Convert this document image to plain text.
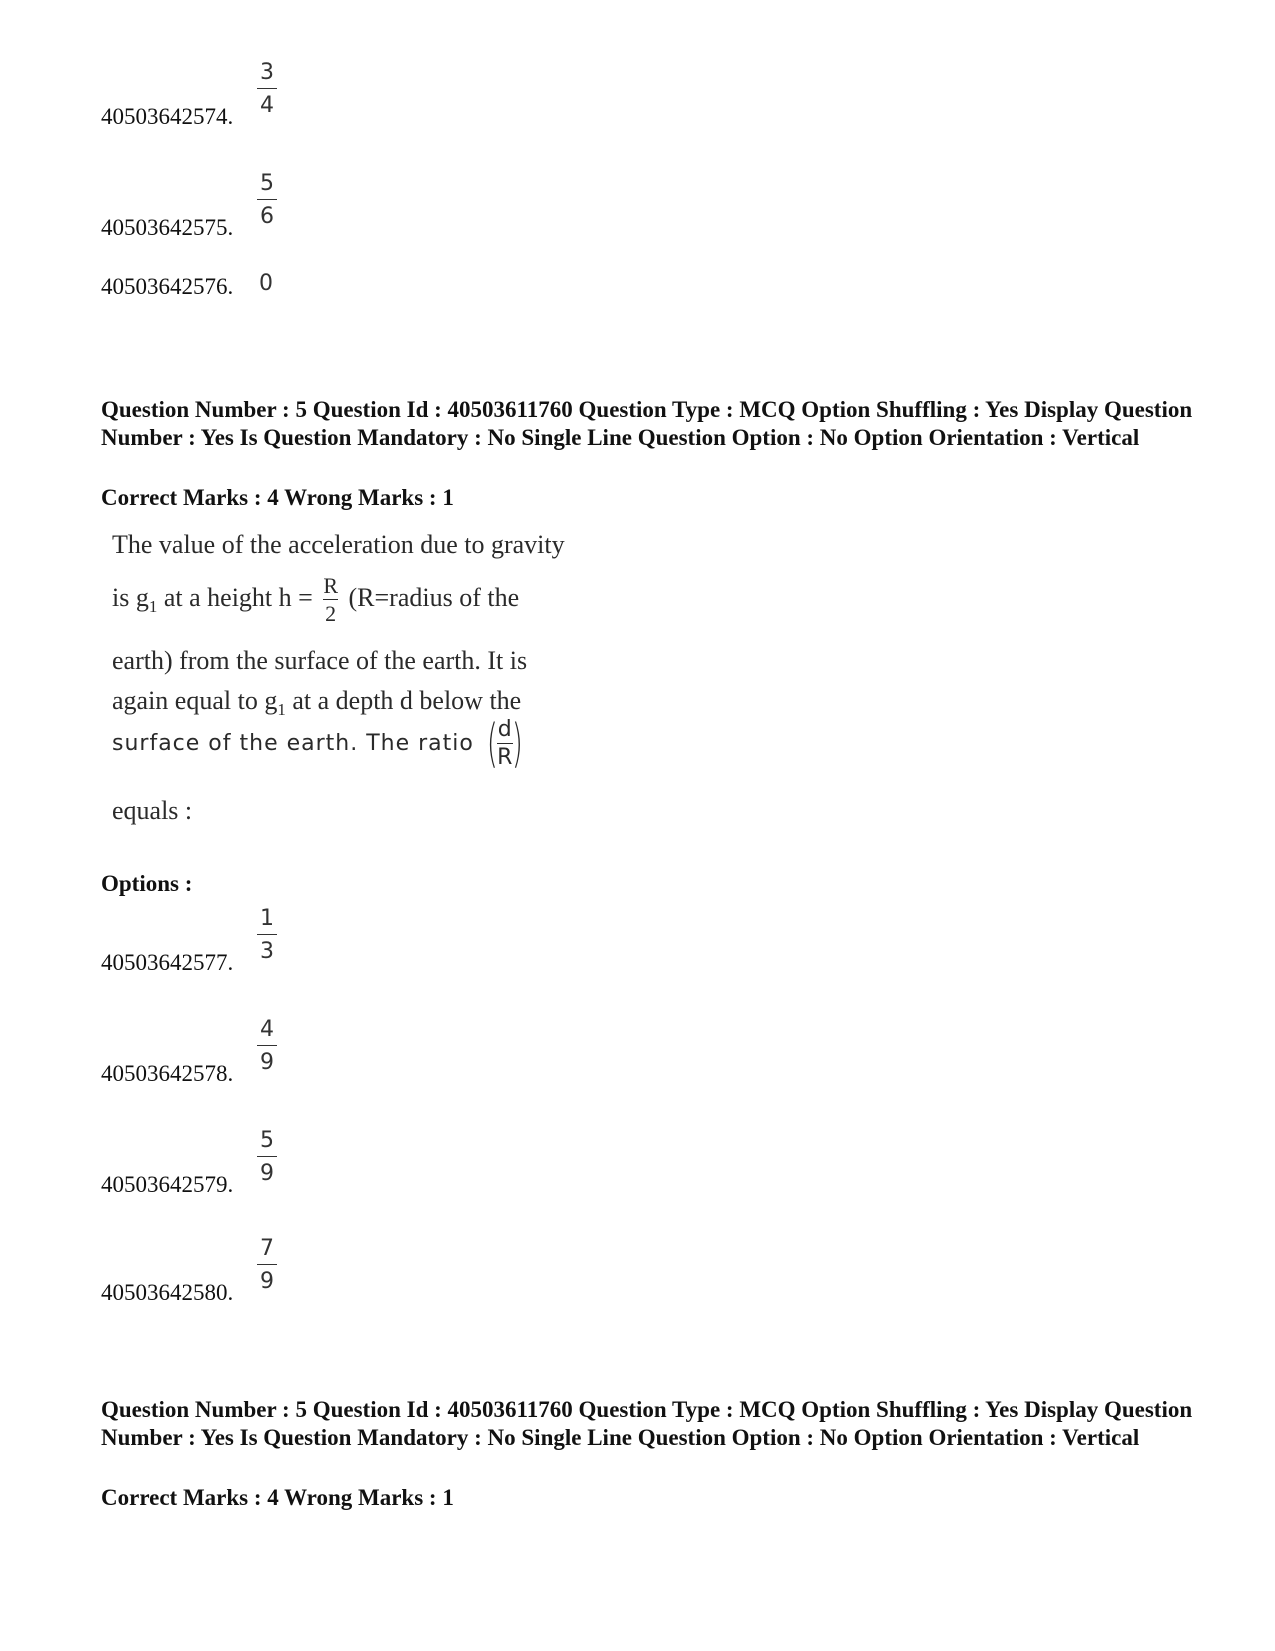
3
4
40503642574.
5
6
40503642575.
0
40503642576.
Question Number : 5 Question Id : 40503611760 Question Type : MCQ Option Shuffling : Yes Display Question Number : Yes Is Question Mandatory : No Single Line Question Option : No Option Orientation : Vertical
Correct Marks : 4 Wrong Marks : 1
The value of the acceleration due to gravity
is $g_1$ at a height $h = \frac{R}{2}$ (R=radius of the
earth) from the surface of the earth. It is
again equal to $g_1$ at a depth d below the
surface of the earth. The ratio (
$\frac{d}{R}$
)
equals :
Options :
1
3
40503642577.
4
9
40503642578.
5
9
40503642579.
7
9
40503642580.
Question Number : 5 Question Id : 40503611760 Question Type : MCQ Option Shuffling : Yes Display Question Number : Yes Is Question Mandatory : No Single Line Question Option : No Option Orientation : Vertical
Correct Marks : 4 Wrong Marks : 1
